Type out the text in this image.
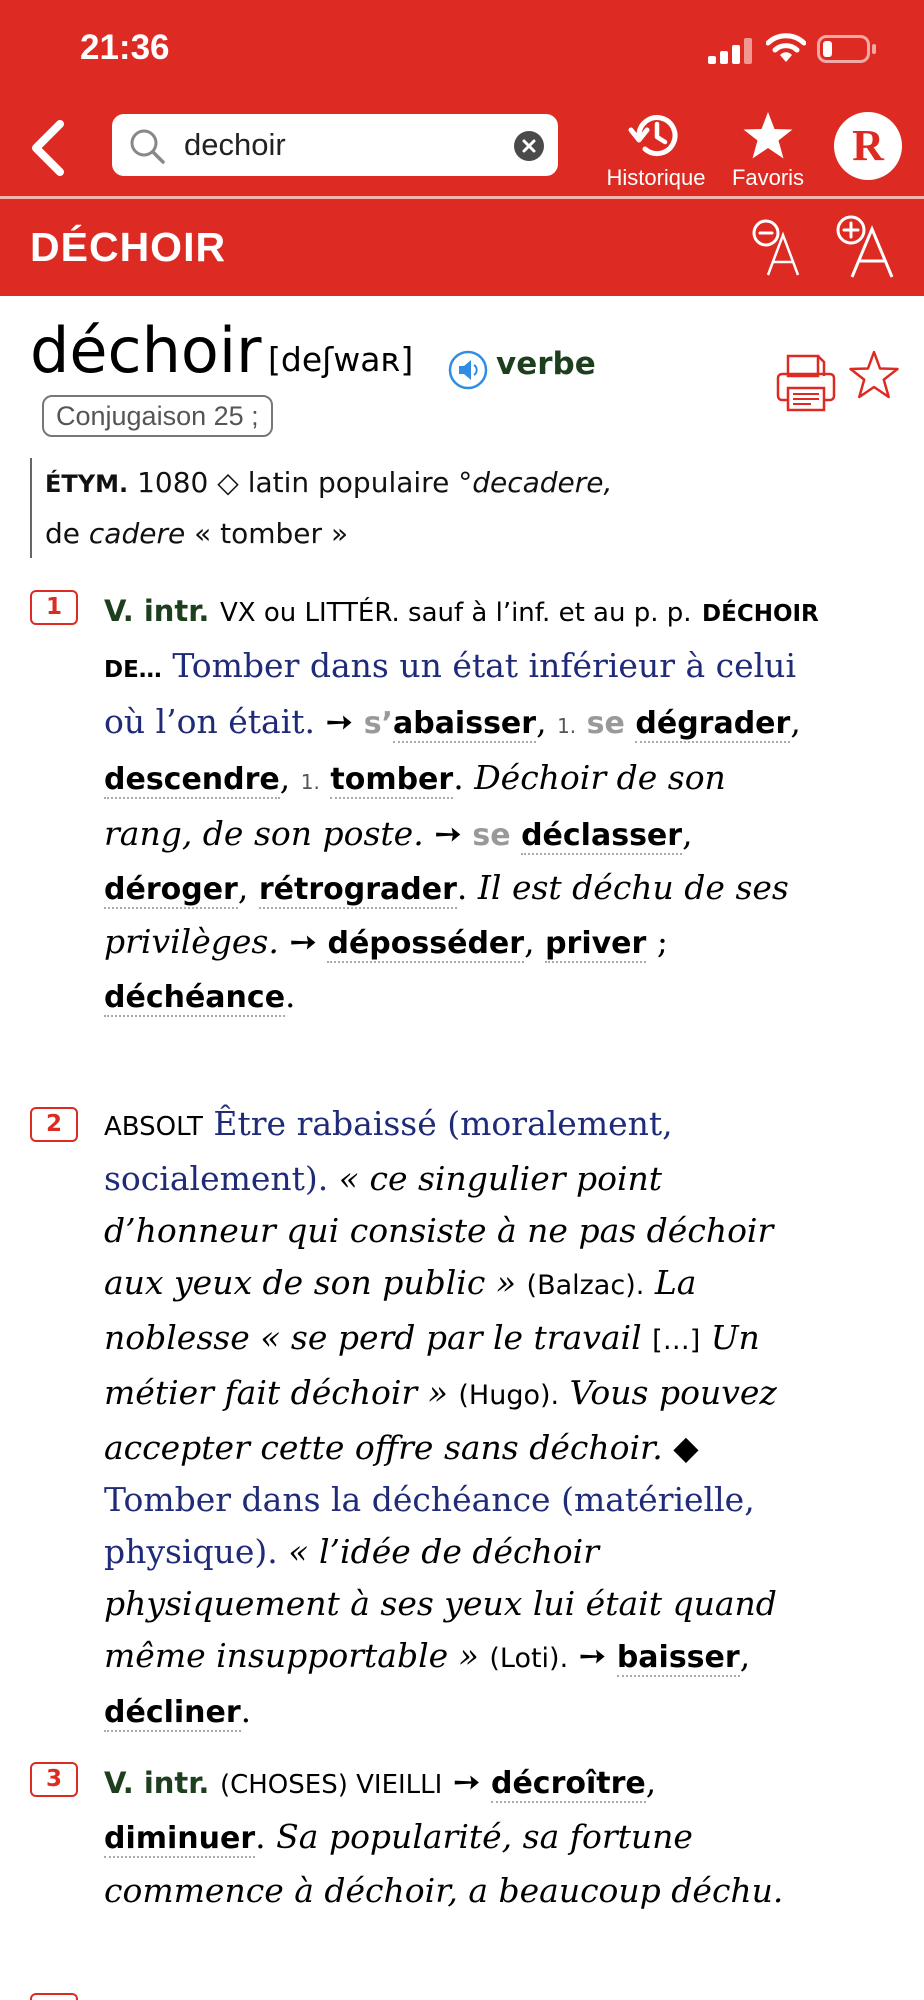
21:36
dechoir
Historique	Favoris
R
DÉCHOIR
déchoir [deʃwaʀ]	verbe
Conjugaison 25 ;
ÉTYM. 1080 ◇ latin populaire °decadere,
de cadere « tomber »
1	V. intr. VX ou LITTÉR. sauf à l’inf. et au p. p. DÉCHOIR DE… Tomber dans un état inférieur à celui où l’on était. ➙ s’abaisser, 1. se dégrader, descendre, 1. tomber. Déchoir de son rang, de son poste. ➙ se déclasser, déroger, rétrograder. Il est déchu de ses privilèges. ➙ déposséder, priver ; déchéance.
2	ABSOLT Être rabaissé (moralement, socialement). « ce singulier point d’honneur qui consiste à ne pas déchoir aux yeux de son public » (Balzac). La noblesse « se perd par le travail […] Un métier fait déchoir » (Hugo). Vous pouvez accepter cette offre sans déchoir. ◆ Tomber dans la déchéance (matérielle, physique). « l’idée de déchoir physiquement à ses yeux lui était quand même insupportable » (Loti). ➙ baisser, décliner.
3	V. intr. (CHOSES) VIEILLI ➙ décroître, diminuer. Sa popularité, sa fortune commence à déchoir, a beaucoup déchu.
